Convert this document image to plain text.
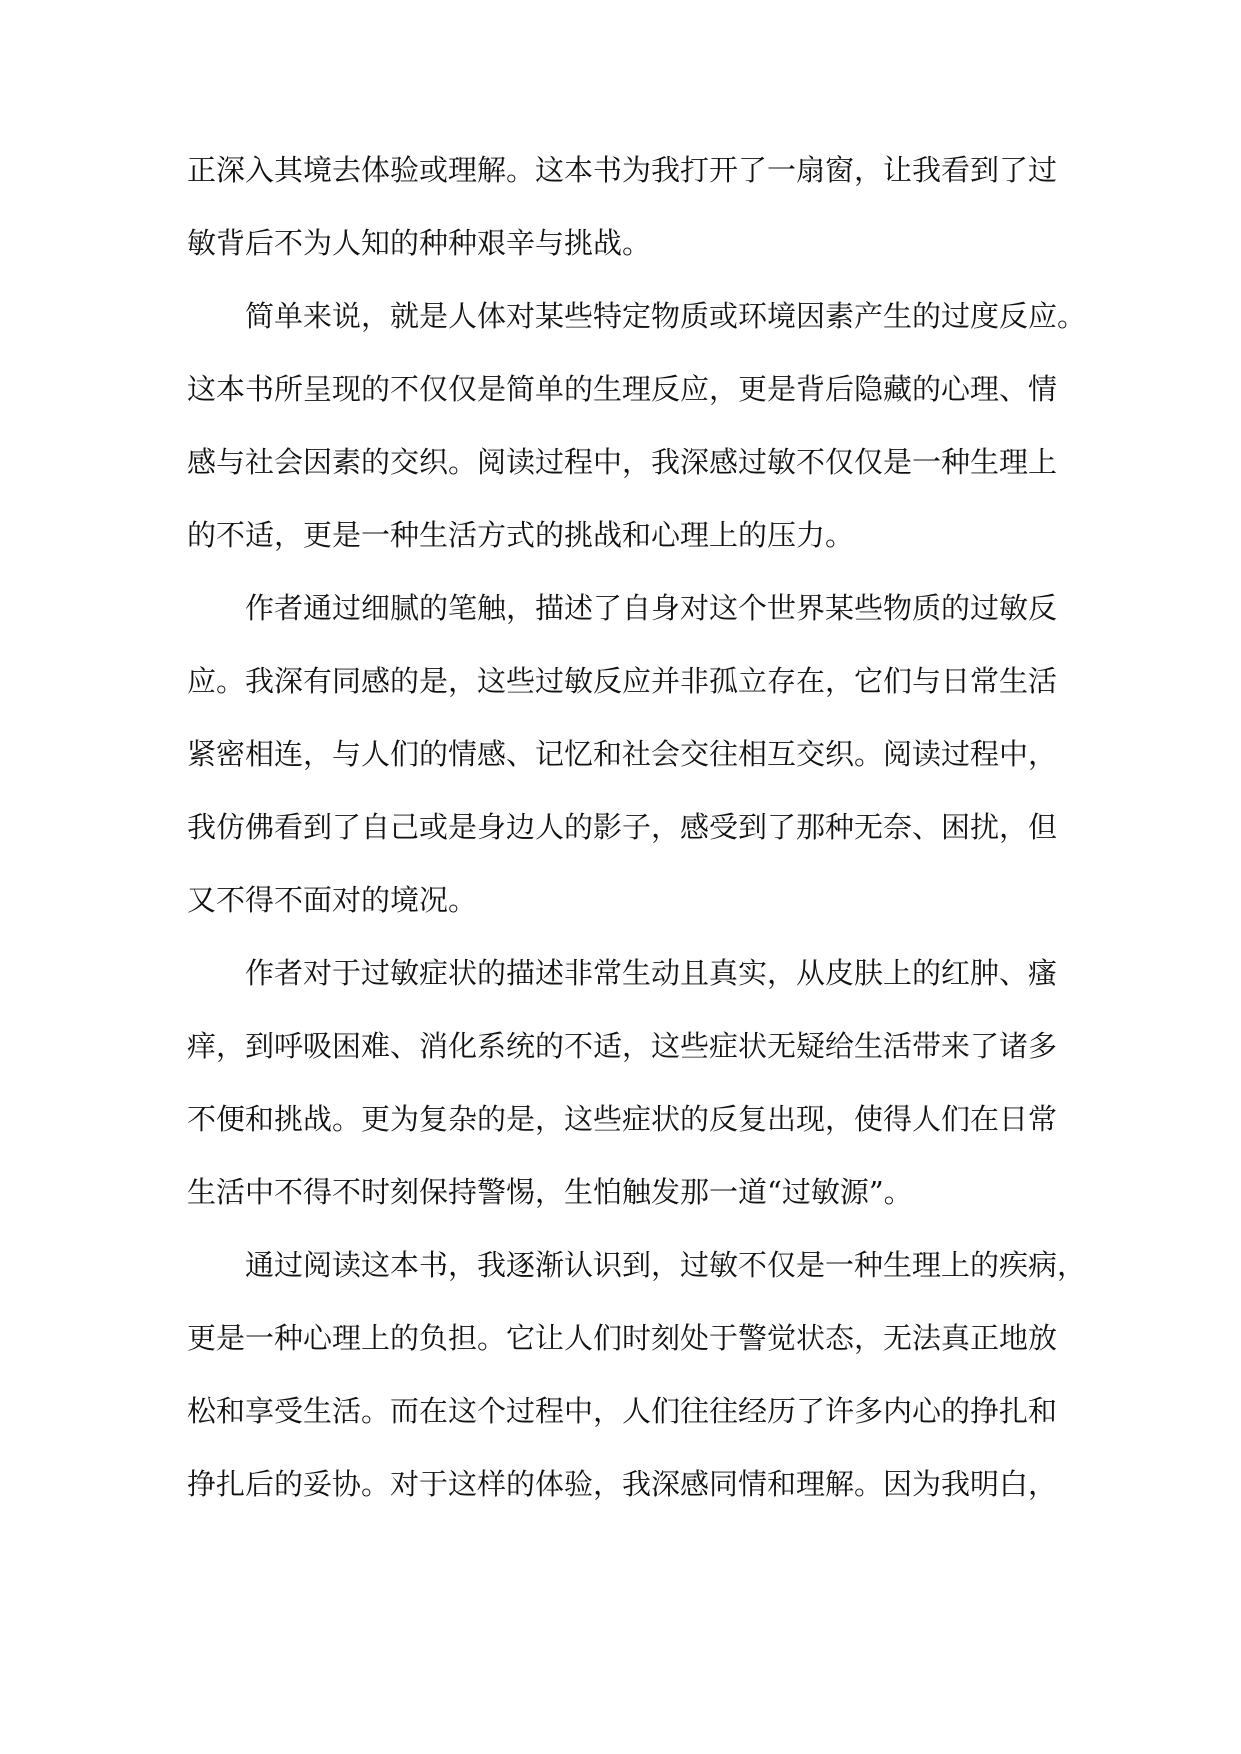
正深入其境去体验或理解。这本书为我打开了一扇窗，让我看到了过
敏背后不为人知的种种艰辛与挑战。
简单来说，就是人体对某些特定物质或环境因素产生的过度反应。
这本书所呈现的不仅仅是简单的生理反应，更是背后隐藏的心理、情
感与社会因素的交织。阅读过程中，我深感过敏不仅仅是一种生理上
的不适，更是一种生活方式的挑战和心理上的压力。
作者通过细腻的笔触，描述了自身对这个世界某些物质的过敏反
应。我深有同感的是，这些过敏反应并非孤立存在，它们与日常生活
紧密相连，与人们的情感、记忆和社会交往相互交织。阅读过程中，
我仿佛看到了自己或是身边人的影子，感受到了那种无奈、困扰，但
又不得不面对的境况。
作者对于过敏症状的描述非常生动且真实，从皮肤上的红肿、瘙
痒，到呼吸困难、消化系统的不适，这些症状无疑给生活带来了诸多
不便和挑战。更为复杂的是，这些症状的反复出现，使得人们在日常
生活中不得不时刻保持警惕，生怕触发那一道“过敏源”。
通过阅读这本书，我逐渐认识到，过敏不仅是一种生理上的疾病，
更是一种心理上的负担。它让人们时刻处于警觉状态，无法真正地放
松和享受生活。而在这个过程中，人们往往经历了许多内心的挣扎和
挣扎后的妥协。对于这样的体验，我深感同情和理解。因为我明白，
